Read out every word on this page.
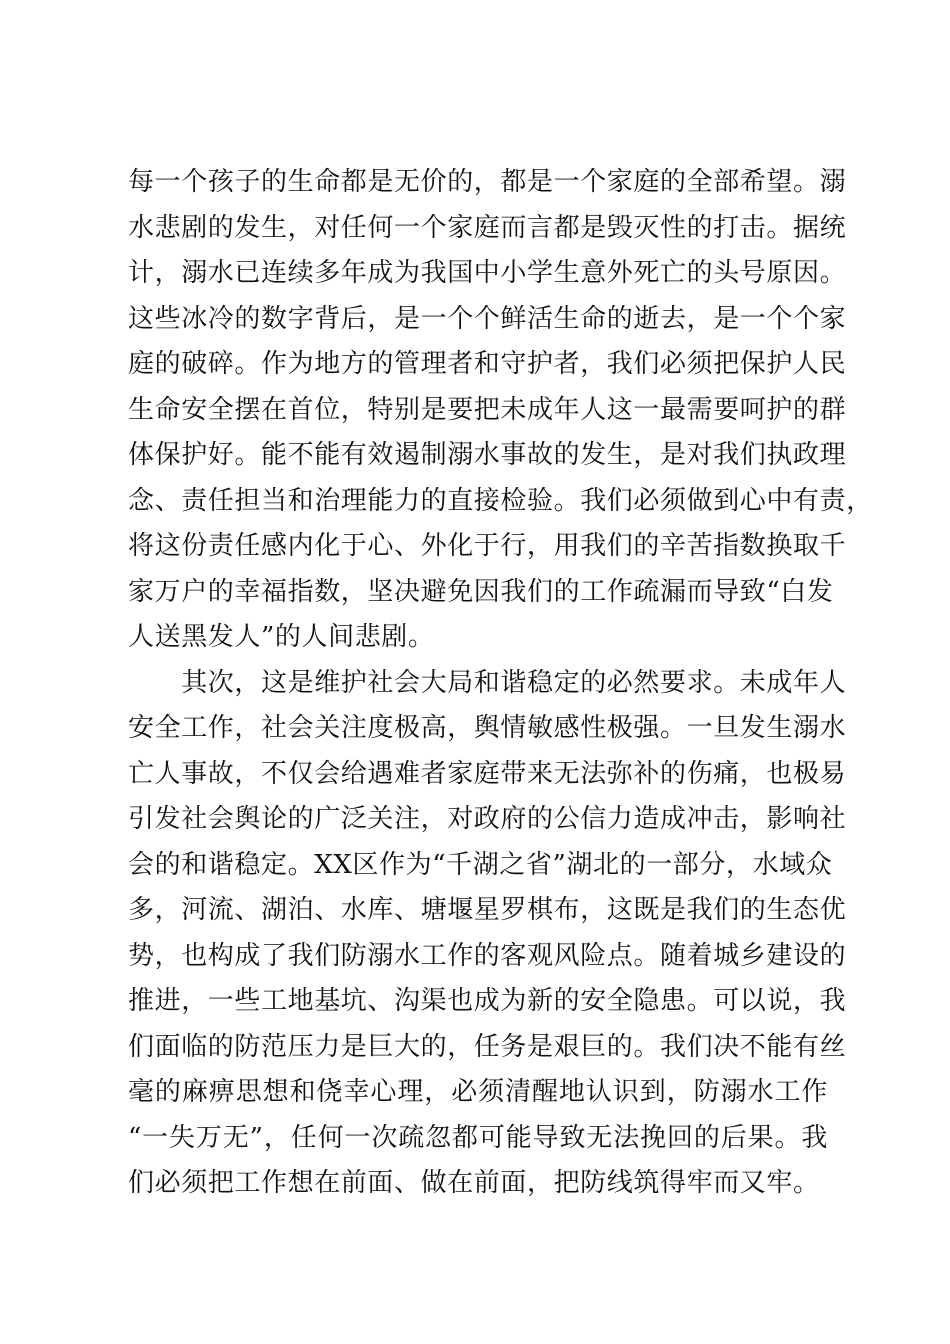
每一个孩子的生命都是无价的，都是一个家庭的全部希望。溺
水悲剧的发生，对任何一个家庭而言都是毁灭性的打击。据统
计，溺水已连续多年成为我国中小学生意外死亡的头号原因。
这些冰冷的数字背后，是一个个鲜活生命的逝去，是一个个家
庭的破碎。作为地方的管理者和守护者，我们必须把保护人民
生命安全摆在首位，特别是要把未成年人这一最需要呵护的群
体保护好。能不能有效遏制溺水事故的发生，是对我们执政理
念、责任担当和治理能力的直接检验。我们必须做到心中有责，
将这份责任感内化于心、外化于行，用我们的辛苦指数换取千
家万户的幸福指数，坚决避免因我们的工作疏漏而导致“白发
人送黑发人”的人间悲剧。
　　其次，这是维护社会大局和谐稳定的必然要求。未成年人
安全工作，社会关注度极高，舆情敏感性极强。一旦发生溺水
亡人事故，不仅会给遇难者家庭带来无法弥补的伤痛，也极易
引发社会舆论的广泛关注，对政府的公信力造成冲击，影响社
会的和谐稳定。XX区作为“千湖之省”湖北的一部分，水域众
多，河流、湖泊、水库、塘堰星罗棋布，这既是我们的生态优
势，也构成了我们防溺水工作的客观风险点。随着城乡建设的
推进，一些工地基坑、沟渠也成为新的安全隐患。可以说，我
们面临的防范压力是巨大的，任务是艰巨的。我们决不能有丝
毫的麻痹思想和侥幸心理，必须清醒地认识到，防溺水工作
“一失万无”，任何一次疏忽都可能导致无法挽回的后果。我
们必须把工作想在前面、做在前面，把防线筑得牢而又牢。
